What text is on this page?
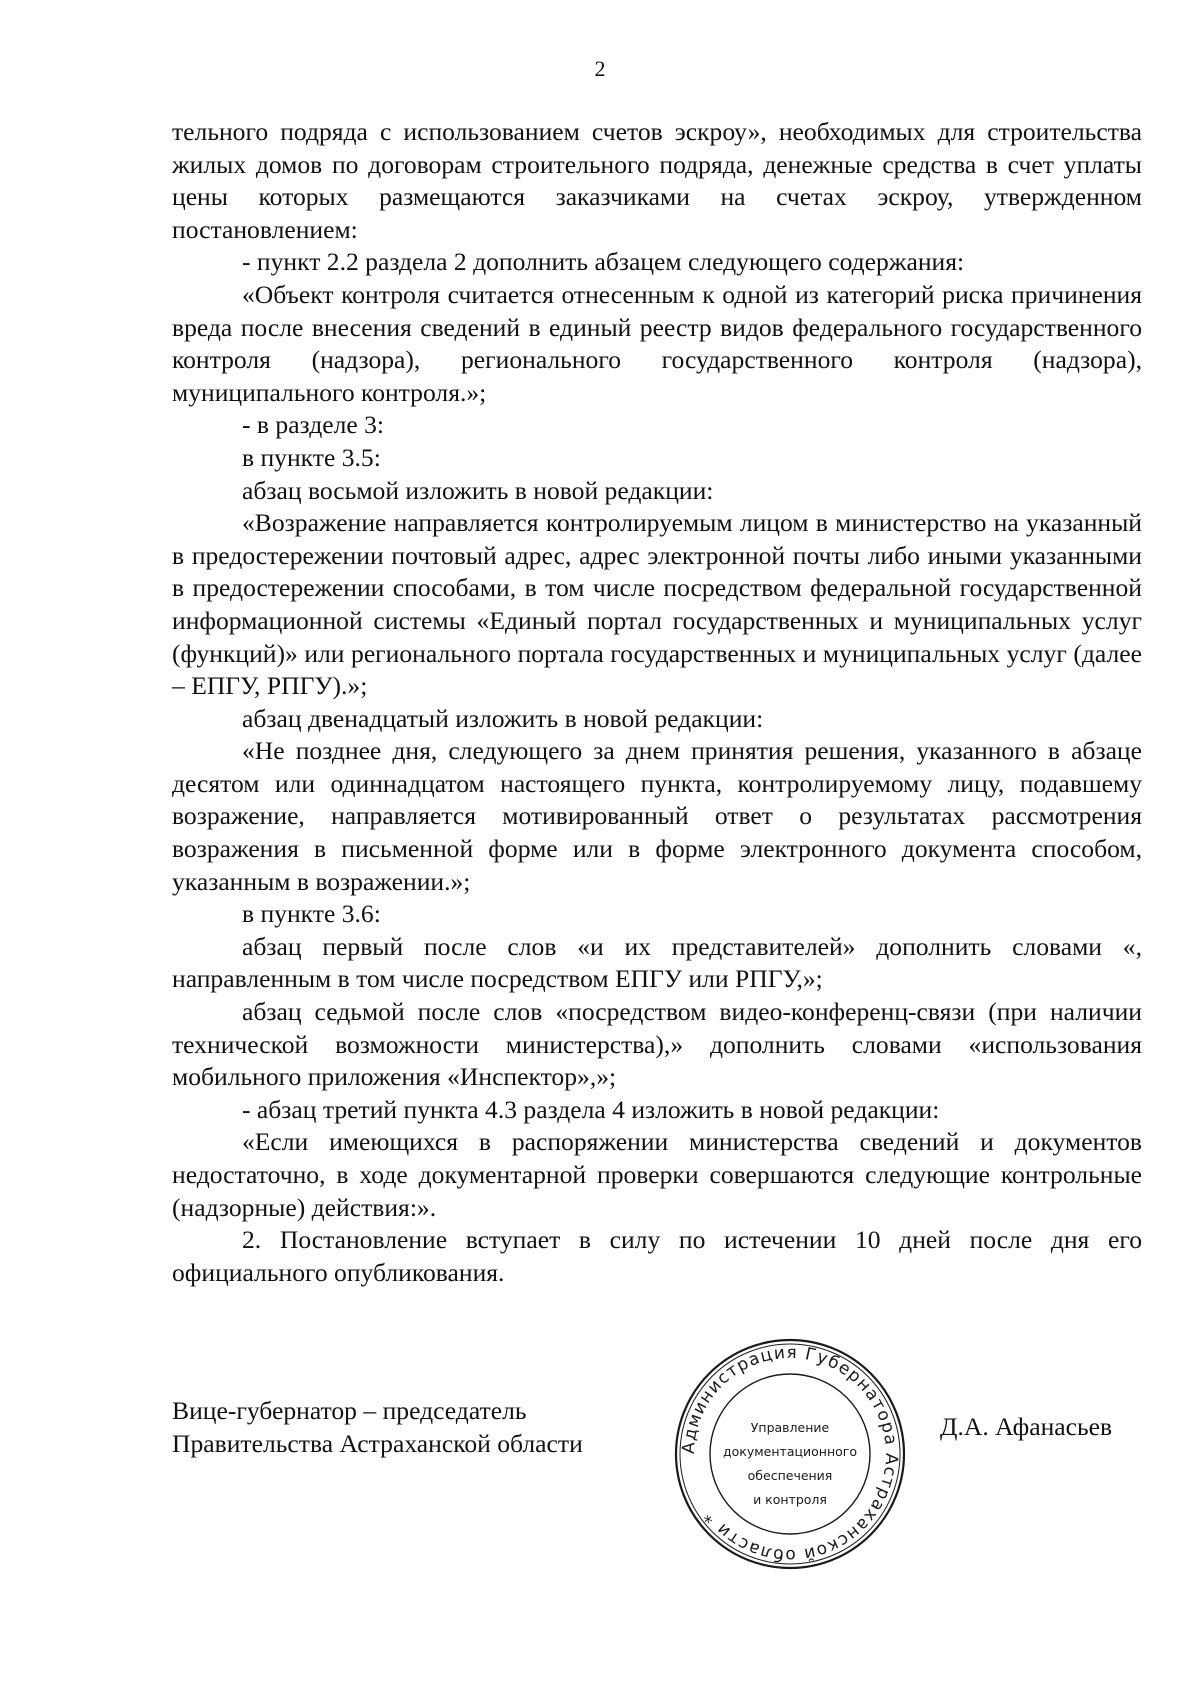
2

тельного подряда с использованием счетов эскроу», необходимых для строительства жилых домов по договорам строительного подряда, денежные средства в счет уплаты цены которых размещаются заказчиками на счетах эскроу, утвержденном постановлением:

- пункт 2.2 раздела 2 дополнить абзацем следующего содержания:

«Объект контроля считается отнесенным к одной из категорий риска причинения вреда после внесения сведений в единый реестр видов федерального государственного контроля (надзора), регионального государственного контроля (надзора), муниципального контроля.»;

- в разделе 3:

в пункте 3.5:

абзац восьмой изложить в новой редакции:

«Возражение направляется контролируемым лицом в министерство на указанный в предостережении почтовый адрес, адрес электронной почты либо иными указанными в предостережении способами, в том числе посредством федеральной государственной информационной системы «Единый портал государственных и муниципальных услуг (функций)» или регионального портала государственных и муниципальных услуг (далее – ЕПГУ, РПГУ).»;

абзац двенадцатый изложить в новой редакции:

«Не позднее дня, следующего за днем принятия решения, указанного в абзаце десятом или одиннадцатом настоящего пункта, контролируемому лицу, подавшему возражение, направляется мотивированный ответ о результатах рассмотрения возражения в письменной форме или в форме электронного документа способом, указанным в возражении.»;

в пункте 3.6:

абзац первый после слов «и их представителей» дополнить словами «, направленным в том числе посредством ЕПГУ или РПГУ,»;

абзац седьмой после слов «посредством видео-конференц-связи (при наличии технической возможности министерства),» дополнить словами «использования мобильного приложения «Инспектор»,»;

- абзац третий пункта 4.3 раздела 4 изложить в новой редакции:

«Если имеющихся в распоряжении министерства сведений и документов недостаточно, в ходе документарной проверки совершаются следующие контрольные (надзорные) действия:».

2. Постановление вступает в силу по истечении 10 дней после дня его официального опубликования.

Вице-губернатор – председатель
Правительства Астраханской области	Администрация Губернатора Астраханской области *
Управление
документационного
обеспечения
и контроля
Д.А. Афанасьев
